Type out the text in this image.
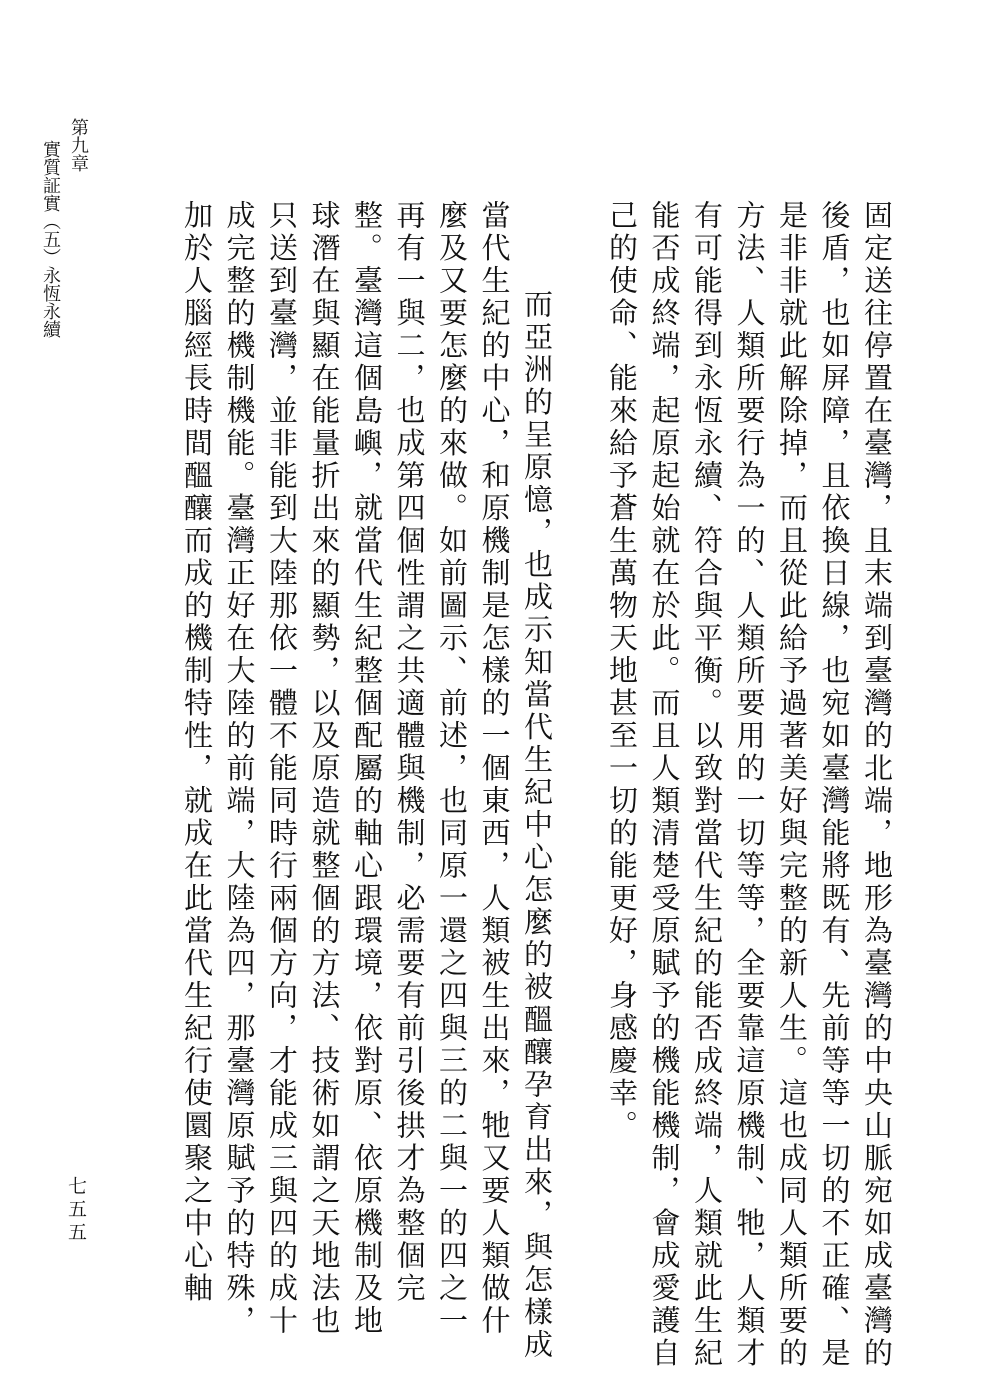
第九章
實質証實（五）永恆永續
七五五	固定送往停置在臺灣，且末端到臺灣的北端，地形為臺灣的中央山脈宛如成臺灣的
後盾，也如屏障，且依換日線，也宛如臺灣能將既有、先前等等一切的不正確、是
是非非就此解除掉，而且從此給予過著美好與完整的新人生。這也成同人類所要的
方法、人類所要行為一的、人類所要用的一切等等，全要靠這原機制、牠，人類才
有可能得到永恆永續、符合與平衡。以致對當代生紀的能否成終端，人類就此生紀
能否成終端，起原起始就在於此。而且人類清楚受原賦予的機能機制，會成愛護自
己的使命、能來給予蒼生萬物天地甚至一切的能更好，身感慶幸。
而亞洲的呈原憶，也成示知當代生紀中心怎麼的被醞釀孕育出來，與怎樣成
當代生紀的中心，和原機制是怎樣的一個東西，人類被生出來，牠又要人類做什
麼及又要怎麼的來做。如前圖示、前述，也同原一還之四與三的二與一的四之一
再有一與二，也成第四個性謂之共適體與機制，必需要有前引後拱才為整個完
整。臺灣這個島嶼，就當代生紀整個配屬的軸心跟環境，依對原、依原機制及地
球潛在與顯在能量折出來的顯勢，以及原造就整個的方法、技術如謂之天地法也
只送到臺灣，並非能到大陸那依一體不能同時行兩個方向，才能成三與四的成十
成完整的機制機能。臺灣正好在大陸的前端，大陸為四，那臺灣原賦予的特殊，
加於人腦經長時間醞釀而成的機制特性，就成在此當代生紀行使圜聚之中心軸
